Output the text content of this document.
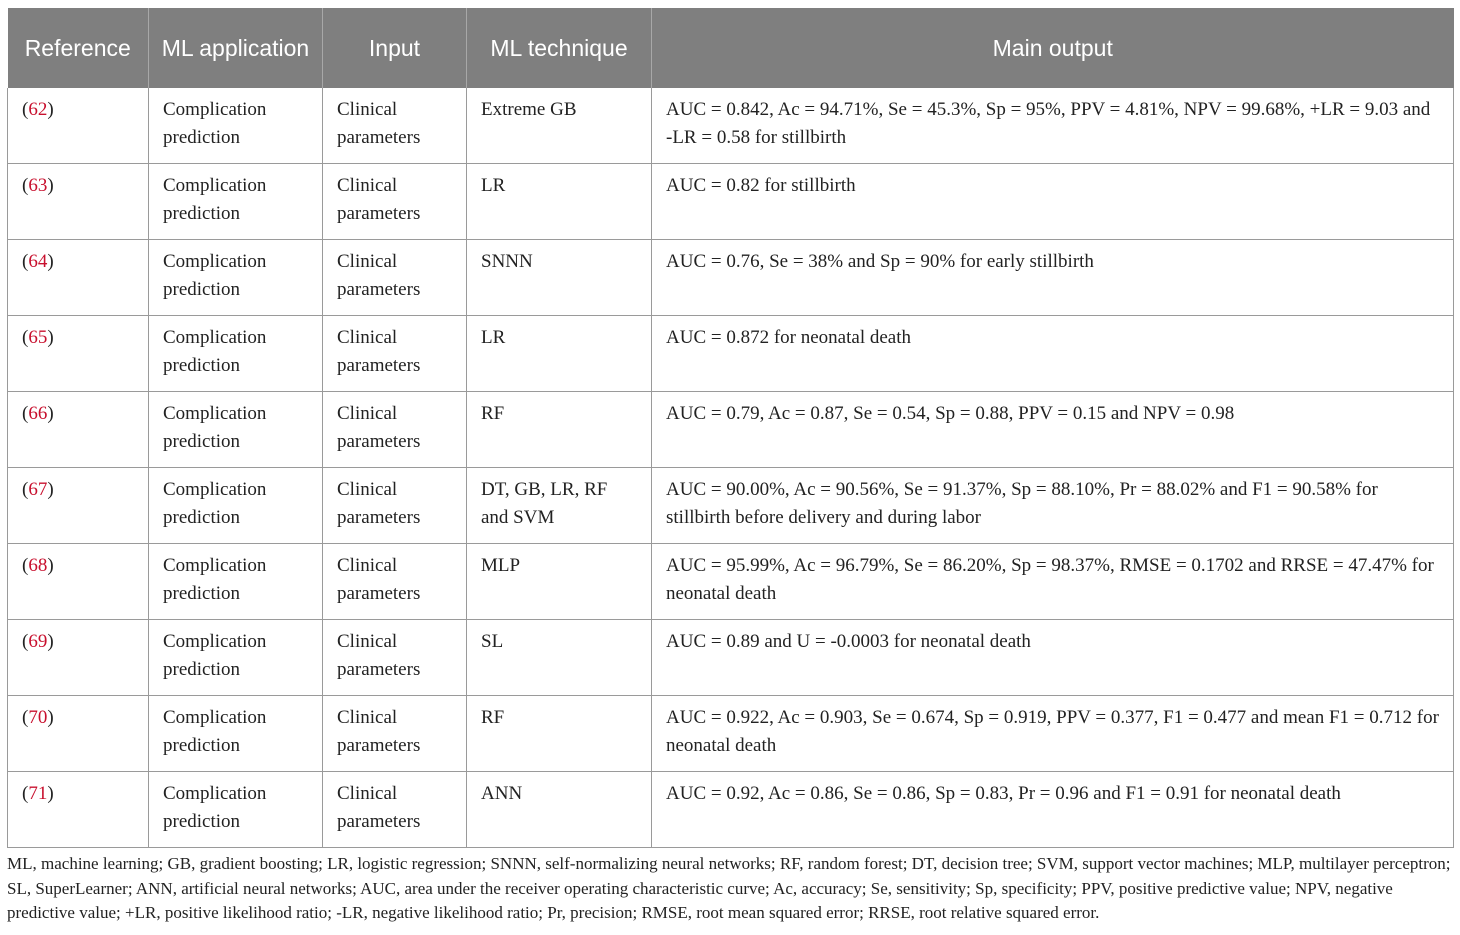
Reference	ML application	Input	ML technique	Main output
(62)	Complication prediction	Clinical parameters	Extreme GB	AUC = 0.842, Ac = 94.71%, Se = 45.3%, Sp = 95%, PPV = 4.81%, NPV = 99.68%, +LR = 9.03 and -LR = 0.58 for stillbirth
(63)	Complication prediction	Clinical parameters	LR	AUC = 0.82 for stillbirth
(64)	Complication prediction	Clinical parameters	SNNN	AUC = 0.76, Se = 38% and Sp = 90% for early stillbirth
(65)	Complication prediction	Clinical parameters	LR	AUC = 0.872 for neonatal death
(66)	Complication prediction	Clinical parameters	RF	AUC = 0.79, Ac = 0.87, Se = 0.54, Sp = 0.88, PPV = 0.15 and NPV = 0.98
(67)	Complication prediction	Clinical parameters	DT, GB, LR, RF and SVM	AUC = 90.00%, Ac = 90.56%, Se = 91.37%, Sp = 88.10%, Pr = 88.02% and F1 = 90.58% for stillbirth before delivery and during labor
(68)	Complication prediction	Clinical parameters	MLP	AUC = 95.99%, Ac = 96.79%, Se = 86.20%, Sp = 98.37%, RMSE = 0.1702 and RRSE = 47.47% for neonatal death
(69)	Complication prediction	Clinical parameters	SL	AUC = 0.89 and U = -0.0003 for neonatal death
(70)	Complication prediction	Clinical parameters	RF	AUC = 0.922, Ac = 0.903, Se = 0.674, Sp = 0.919, PPV = 0.377, F1 = 0.477 and mean F1 = 0.712 for neonatal death
(71)	Complication prediction	Clinical parameters	ANN	AUC = 0.92, Ac = 0.86, Se = 0.86, Sp = 0.83, Pr = 0.96 and F1 = 0.91 for neonatal death
ML, machine learning; GB, gradient boosting; LR, logistic regression; SNNN, self-normalizing neural networks; RF, random forest; DT, decision tree; SVM, support vector machines; MLP, multilayer perceptron; SL, SuperLearner; ANN, artificial neural networks; AUC, area under the receiver operating characteristic curve; Ac, accuracy; Se, sensitivity; Sp, specificity; PPV, positive predictive value; NPV, negative predictive value; +LR, positive likelihood ratio; -LR, negative likelihood ratio; Pr, precision; RMSE, root mean squared error; RRSE, root relative squared error.
